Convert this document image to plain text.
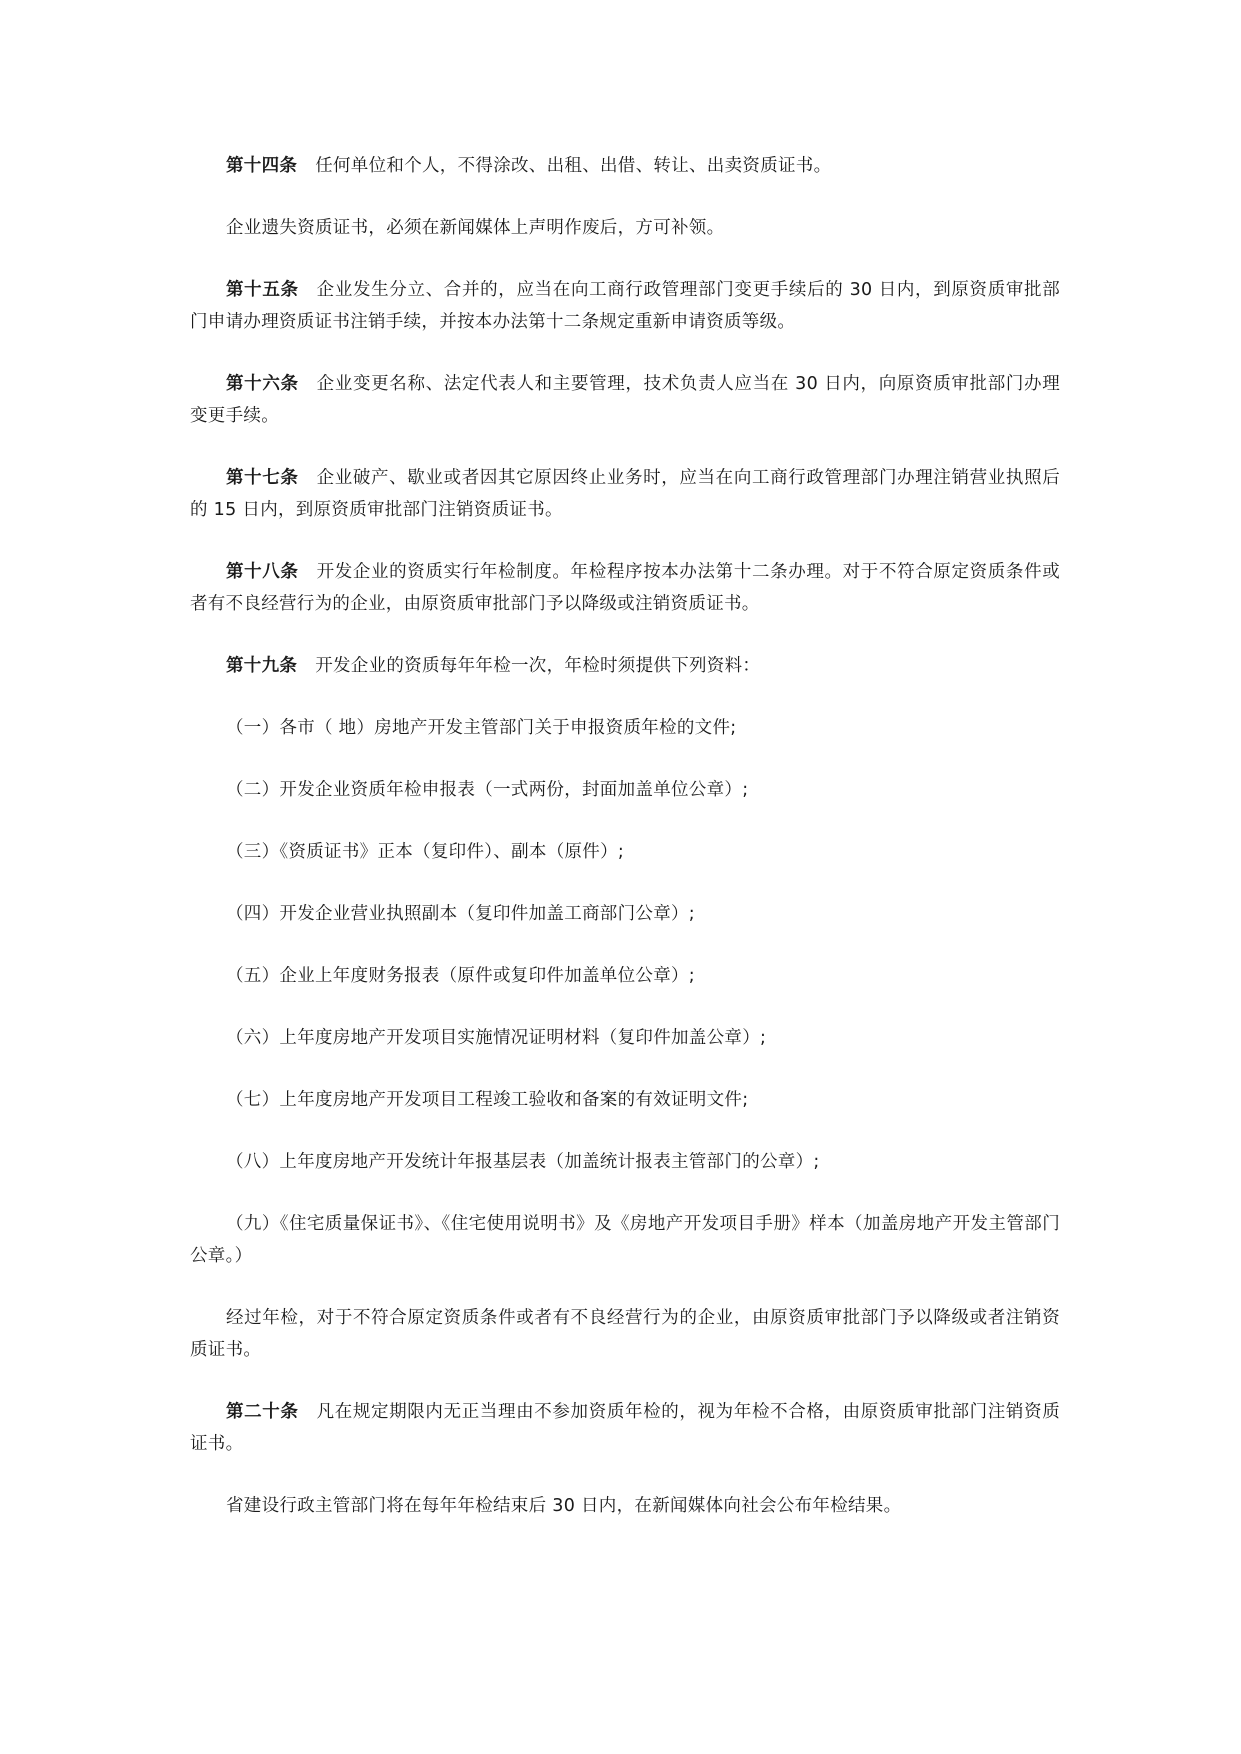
第十四条 任何单位和个人，不得涂改、出租、出借、转让、出卖资质证书。

企业遗失资质证书，必须在新闻媒体上声明作废后，方可补领。

第十五条 企业发生分立、合并的，应当在向工商行政管理部门变更手续后的 30 日内，到原资质审批部门申请办理资质证书注销手续，并按本办法第十二条规定重新申请资质等级。

第十六条 企业变更名称、法定代表人和主要管理，技术负责人应当在 30 日内，向原资质审批部门办理变更手续。

第十七条 企业破产、歇业或者因其它原因终止业务时，应当在向工商行政管理部门办理注销营业执照后的 15 日内，到原资质审批部门注销资质证书。

第十八条 开发企业的资质实行年检制度。年检程序按本办法第十二条办理。对于不符合原定资质条件或者有不良经营行为的企业，由原资质审批部门予以降级或注销资质证书。

第十九条 开发企业的资质每年年检一次，年检时须提供下列资料：

（一）各市（ 地）房地产开发主管部门关于申报资质年检的文件;

（二）开发企业资质年检申报表（一式两份，封面加盖单位公章）;

（三）《资质证书》正本（复印件）、副本（原件）;

（四）开发企业营业执照副本（复印件加盖工商部门公章）;

（五）企业上年度财务报表（原件或复印件加盖单位公章）;

（六）上年度房地产开发项目实施情况证明材料（复印件加盖公章）;

（七）上年度房地产开发项目工程竣工验收和备案的有效证明文件;

（八）上年度房地产开发统计年报基层表（加盖统计报表主管部门的公章）;

（九）《住宅质量保证书》、《住宅使用说明书》及《房地产开发项目手册》样本（加盖房地产开发主管部门公章。）

经过年检，对于不符合原定资质条件或者有不良经营行为的企业，由原资质审批部门予以降级或者注销资质证书。

第二十条 凡在规定期限内无正当理由不参加资质年检的，视为年检不合格，由原资质审批部门注销资质证书。

省建设行政主管部门将在每年年检结束后 30 日内，在新闻媒体向社会公布年检结果。
